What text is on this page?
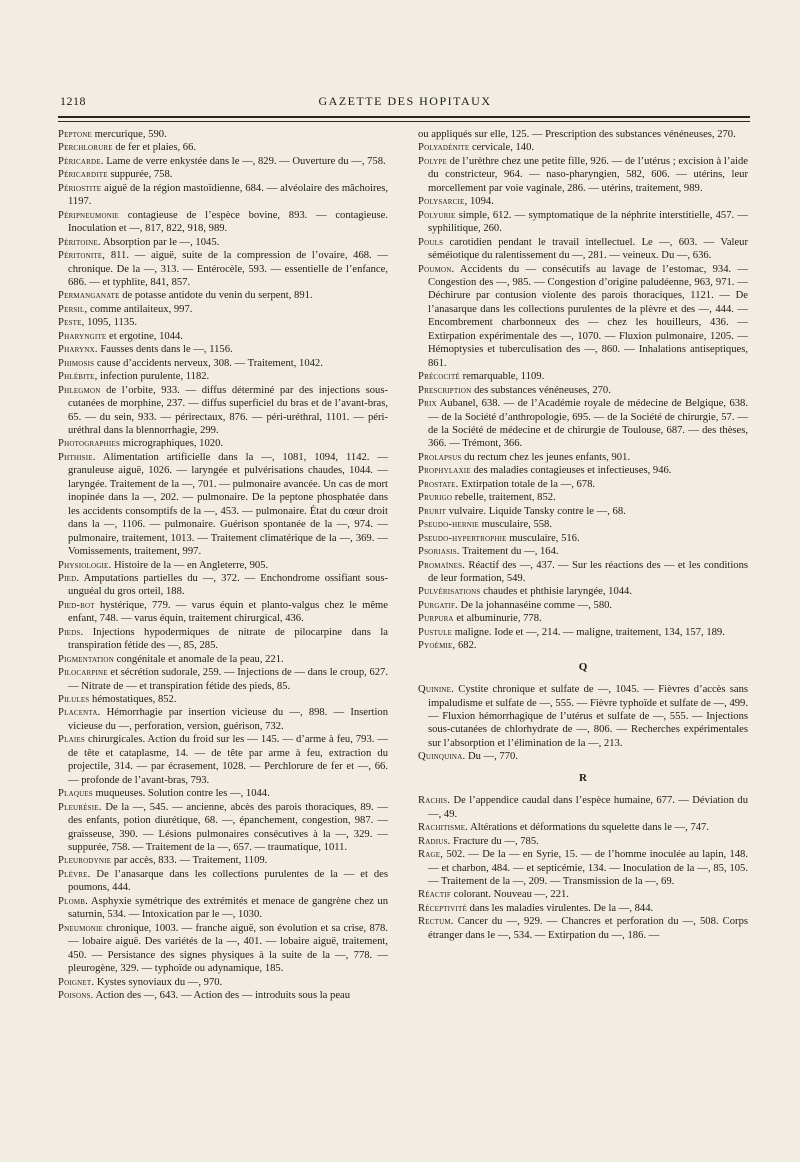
1218	GAZETTE DES HOPITAUX

Peptone mercurique, 590.

Perchlorure de fer et plaies, 66.

Péricarde. Lame de verre enkystée dans le —, 829. — Ouverture du —, 758.

Péricardite suppurée, 758.

Périostite aiguë de la région mastoïdienne, 684. — alvéolaire des mâchoires, 1197.

Péripneumonie contagieuse de l’espèce bovine, 893. — contagieuse. Inoculation et —, 817, 822, 918, 989.

Péritoine. Absorption par le —, 1045.

Péritonite, 811. — aiguë, suite de la compression de l’ovaire, 468. — chronique. De la —, 313. — Entérocèle, 593. — essentielle de l’enfance, 686. — et typhlite, 841, 857.

Permanganate de potasse antidote du venin du serpent, 891.

Persil, comme antilaiteux, 997.

Peste, 1095, 1135.

Pharyngite et ergotine, 1044.

Pharynx. Fausses dents dans le —, 1156.

Phimosis cause d’accidents nerveux, 308. — Traitement, 1042.

Phlébite, infection purulente, 1182.

Phlegmon de l’orbite, 933. — diffus déterminé par des injections sous-cutanées de morphine, 237. — diffus superficiel du bras et de l’avant-bras, 65. — du sein, 933. — périrectaux, 876. — péri-uréthral, 1101. — péri-uréthral dans la blennorrhagie, 299.

Photographies micrographiques, 1020.

Phthisie. Alimentation artificielle dans la —, 1081, 1094, 1142. — granuleuse aiguë, 1026. — laryngée et pulvérisations chaudes, 1044. — laryngée. Traitement de la —, 701. — pulmonaire avancée. Un cas de mort inopinée dans la —, 202. — pulmonaire. De la peptone phosphatée dans les accidents consomptifs de la —, 453. — pulmonaire. État du cœur droit dans la —, 1106. — pulmonaire. Guérison spontanée de la —, 974. — pulmonaire, traitement, 1013. — Traitement climatérique de la —, 369. — Vomissements, traitement, 997.

Physiologie. Histoire de la — en Angleterre, 905.

Pied. Amputations partielles du —, 372. — Enchondrome ossifiant sous-unguéal du gros orteil, 188.

Pied-bot hystérique, 779. — varus équin et planto-valgus chez le même enfant, 748. — varus équin, traitement chirurgical, 436.

Pieds. Injections hypodermiques de nitrate de pilocarpine dans la transpiration fétide des —, 85, 285.

Pigmentation congénitale et anomale de la peau, 221.

Pilocarpine et sécrétion sudorale, 259. — Injections de — dans le croup, 627. — Nitrate de — et transpiration fétide des pieds, 85.

Pilules hémostatiques, 852.

Placenta. Hémorrhagie par insertion vicieuse du —, 898. — Insertion vicieuse du —, perforation, version, guérison, 732.

Plaies chirurgicales. Action du froid sur les — 145. — d’arme à feu, 793. — de tête et cataplasme, 14. — de tête par arme à feu, extraction du projectile, 314. — par écrasement, 1028. — Perchlorure de fer et —, 66. — profonde de l’avant-bras, 793.

Plaques muqueuses. Solution contre les —, 1044.

Pleurésie. De la —, 545. — ancienne, abcès des parois thoraciques, 89. — des enfants, potion diurétique, 68. —, épanchement, congestion, 987. — graisseuse, 390. — Lésions pulmonaires consécutives à la —, 329. — suppurée, 758. — Traitement de la —, 657. — traumatique, 1011.

Pleurodynie par accès, 833. — Traitement, 1109.

Plèvre. De l’anasarque dans les collections purulentes de la — et des poumons, 444.

Plomb. Asphyxie symétrique des extrémités et menace de gangrène chez un saturnin, 534. — Intoxication par le —, 1030.

Pneumonie chronique, 1003. — franche aiguë, son évolution et sa crise, 878. — lobaire aiguë. Des variétés de la —, 401. — lobaire aiguë, traitement, 450. — Persistance des signes physiques à la suite de la —, 778. — pleurogène, 329. — typhoïde ou adynamique, 185.

Poignet. Kystes synoviaux du —, 970.

Poisons. Action des —, 643. — Action des — introduits sous la peau

ou appliqués sur elle, 125. — Prescription des substances vénéneuses, 270.

Polyadénite cervicale, 140.

Polype de l’urèthre chez une petite fille, 926. — de l’utérus ; excision à l’aide du constricteur, 964. — naso-pharyngien, 582, 606. — utérins, leur morcellement par voie vaginale, 286. — utérins, traitement, 989.

Polysarcie, 1094.

Polyurie simple, 612. — symptomatique de la néphrite interstitielle, 457. — syphilitique, 260.

Pouls carotidien pendant le travail intellectuel. Le —, 603. — Valeur séméiotique du ralentissement du —, 281. — veineux. Du —, 636.

Poumon. Accidents du — consécutifs au lavage de l’estomac, 934. — Congestion des —, 985. — Congestion d’origine paludéenne, 963, 971. — Déchirure par contusion violente des parois thoraciques, 1121. — De l’anasarque dans les collections purulentes de la plèvre et des —, 444. — Encombrement charbonneux des — chez les houilleurs, 436. — Extirpation expérimentale des —, 1070. — Fluxion pulmonaire, 1205. — Hémoptysies et tuberculisation des —, 860. — Inhalations antiseptiques, 861.

Précocité remarquable, 1109.

Prescription des substances vénéneuses, 270.

Prix Aubanel, 638. — de l’Académie royale de médecine de Belgique, 638. — de la Société d’anthropologie, 695. — de la Société de chirurgie, 57. — de la Société de médecine et de chirurgie de Toulouse, 687. — des thèses, 366. — Trémont, 366.

Prolapsus du rectum chez les jeunes enfants, 901.

Prophylaxie des maladies contagieuses et infectieuses, 946.

Prostate. Extirpation totale de la —, 678.

Prurigo rebelle, traitement, 852.

Prurit vulvaire. Liquide Tansky contre le —, 68.

Pseudo-hernie musculaire, 558.

Pseudo-hypertrophie musculaire, 516.

Psoriasis. Traitement du —, 164.

Promaïnes. Réactif des —, 437. — Sur les réactions des — et les conditions de leur formation, 549.

Pulvérisations chaudes et phthisie laryngée, 1044.

Purgatif. De la johannaséine comme —, 580.

Purpura et albuminurie, 778.

Pustule maligne. Iode et —, 214. — maligne, traitement, 134, 157, 189.

Pyoémie, 682.

Q

Quinine. Cystite chronique et sulfate de —, 1045. — Fièvres d’accès sans impaludisme et sulfate de —, 555. — Fièvre typhoïde et sulfate de —, 499. — Fluxion hémorrhagique de l’utérus et sulfate de —, 555. — Injections sous-cutanées de chlorhydrate de —, 806. — Recherches expérimentales sur l’absorption et l’élimination de la —, 213.

Quinquina. Du —, 770.

R

Rachis. De l’appendice caudal dans l’espèce humaine, 677. — Déviation du —, 49.

Rachitisme. Altérations et déformations du squelette dans le —, 747.

Radius. Fracture du —, 785.

Rage, 502. — De la — en Syrie, 15. — de l’homme inoculée au lapin, 148. — et charbon, 484. — et septicémie, 134. — Inoculation de la —, 85, 105. — Traitement de la —, 209. — Transmission de la —, 69.

Réactif colorant. Nouveau —, 221.

Réceptivité dans les maladies virulentes. De la —, 844.

Rectum. Cancer du —, 929. — Chancres et perforation du —, 508. Corps étranger dans le —, 534. — Extirpation du —, 186. —
